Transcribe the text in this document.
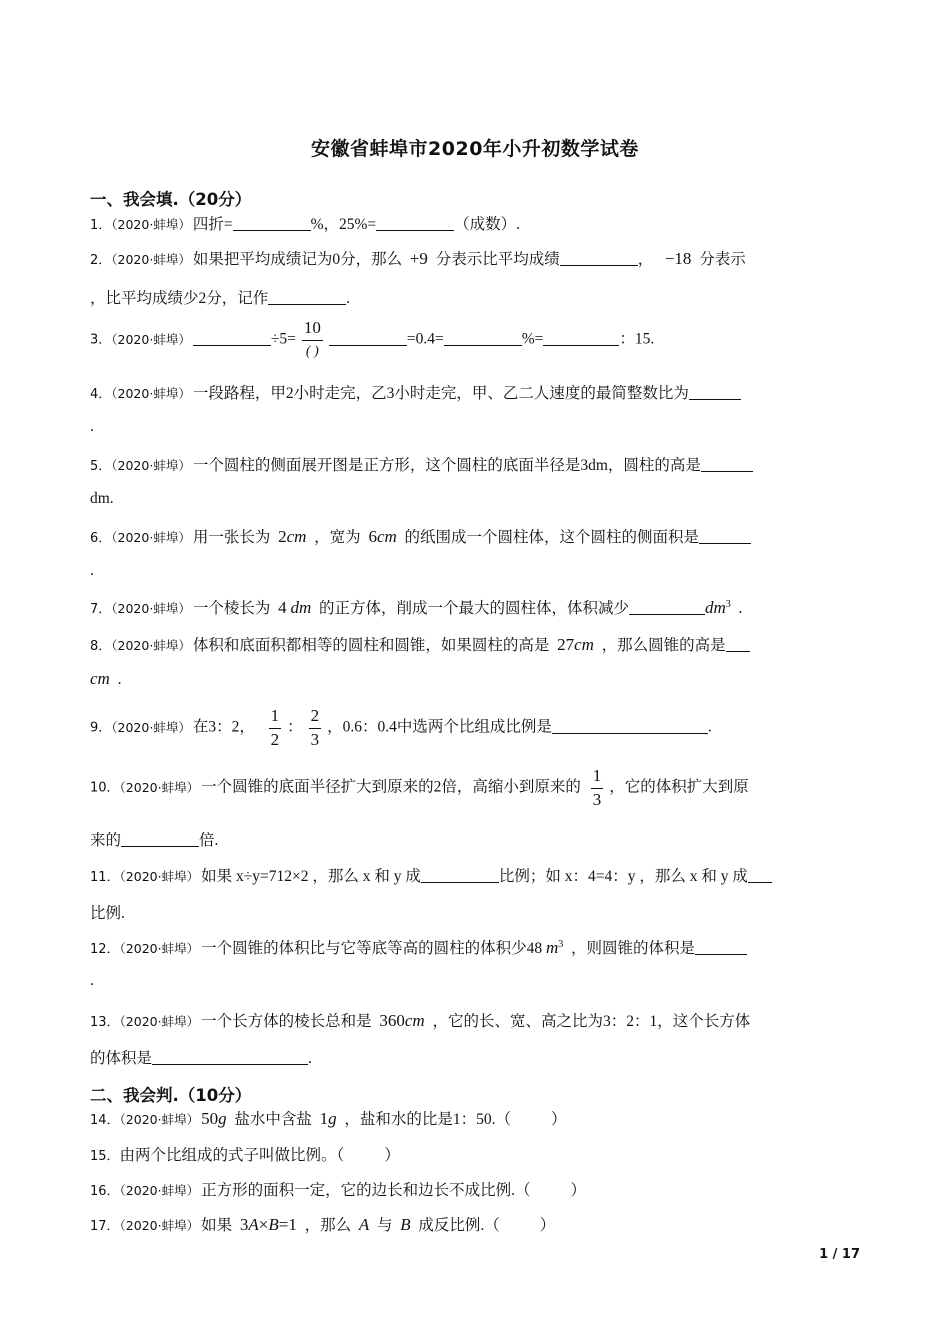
安徽省蚌埠市2020年小升初数学试卷
一、我会填.（20分）
1．（2020·蚌埠） 四折=	%，25%=	（成数）.
2．（2020·蚌埠） 如果把平均成绩记为0分，那么 +9 分表示比平均成绩	， −18 分表示
，比平均成绩少2分，记作	.
3．（2020·蚌埠）	$\div 5= \frac{10}{( )}$	=0.4=	%=	：15.
4．（2020·蚌埠） 一段路程，甲2小时走完，乙3小时走完，甲、乙二人速度的最简整数比为
.
5．（2020·蚌埠） 一个圆柱的侧面展开图是正方形，这个圆柱的底面半径是3dm，圆柱的高是
dm.
6．（2020·蚌埠） 用一张长为 2cm ，宽为 6cm 的纸围成一个圆柱体，这个圆柱的侧面积是
.
7．（2020·蚌埠） 一个棱长为 4 dm 的正方体，削成一个最大的圆柱体，体积减少	$dm^3$ .
8．（2020·蚌埠） 体积和底面积都相等的圆柱和圆锥，如果圆柱的高是 27cm ，那么圆锥的高是
cm .
9．（2020·蚌埠） 在3：2， $\frac{1}{2}$ ： $\frac{2}{3}$ ，0.6：0.4中选两个比组成比例是	.
10．（2020·蚌埠） 一个圆锥的底面半径扩大到原来的2倍，高缩小到原来的 $\frac{1}{3}$ ，它的体积扩大到原
来的	倍.
11．（2020·蚌埠） 如果 x÷y=712×2 ，那么 x 和 y 成	比例；如 x：4=4：y ，那么 x 和 y 成
比例.
12．（2020·蚌埠） 一个圆锥的体积比与它等底等高的圆柱的体积少48 $m^3$ ，则圆锥的体积是
.
13．（2020·蚌埠） 一个长方体的棱长总和是 360cm ，它的长、宽、高之比为3：2：1，这个长方体
的体积是	.
二、我会判.（10分）
14．（2020·蚌埠） 50g 盐水中含盐 1g ，盐和水的比是1：50.（	）
15．由两个比组成的式子叫做比例。（	）
16．（2020·蚌埠） 正方形的面积一定，它的边长和边长不成比例.（	）
17．（2020·蚌埠） 如果 3A×B=1 ，那么 A 与 B 成反比例.（	）
1 / 17
